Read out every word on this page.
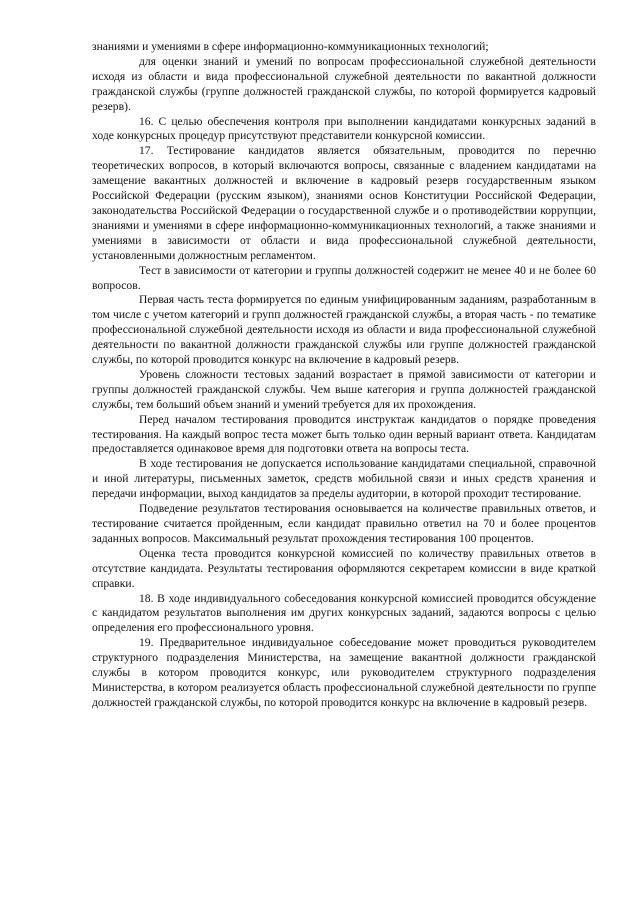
знаниями и умениями в сфере информационно-коммуникационных технологий;

для оценки знаний и умений по вопросам профессиональной служебной деятельности исходя из области и вида профессиональной служебной деятельности по вакантной должности гражданской службы (группе должностей гражданской службы, по которой формируется кадровый резерв).

16. С целью обеспечения контроля при выполнении кандидатами конкурсных заданий в ходе конкурсных процедур присутствуют представители конкурсной комиссии.

17. Тестирование кандидатов является обязательным, проводится по перечню теоретических вопросов, в который включаются вопросы, связанные с владением кандидатами на замещение вакантных должностей и включение в кадровый резерв государственным языком Российской Федерации (русским языком), знаниями основ Конституции Российской Федерации, законодательства Российской Федерации о государственной службе и о противодействии коррупции, знаниями и умениями в сфере информационно-коммуникационных технологий, а также знаниями и умениями в зависимости от области и вида профессиональной служебной деятельности, установленными должностным регламентом.

Тест в зависимости от категории и группы должностей содержит не менее 40 и не более 60 вопросов.

Первая часть теста формируется по единым унифицированным заданиям, разработанным в том числе с учетом категорий и групп должностей гражданской службы, а вторая часть - по тематике профессиональной служебной деятельности исходя из области и вида профессиональной служебной деятельности по вакантной должности гражданской службы или группе должностей гражданской службы, по которой проводится конкурс на включение в кадровый резерв.

Уровень сложности тестовых заданий возрастает в прямой зависимости от категории и группы должностей гражданской службы. Чем выше категория и группа должностей гражданской службы, тем больший объем знаний и умений требуется для их прохождения.

Перед началом тестирования проводится инструктаж кандидатов о порядке проведения тестирования. На каждый вопрос теста может быть только один верный вариант ответа. Кандидатам предоставляется одинаковое время для подготовки ответа на вопросы теста.

В ходе тестирования не допускается использование кандидатами специальной, справочной и иной литературы, письменных заметок, средств мобильной связи и иных средств хранения и передачи информации, выход кандидатов за пределы аудитории, в которой проходит тестирование.

Подведение результатов тестирования основывается на количестве правильных ответов, и тестирование считается пройденным, если кандидат правильно ответил на 70 и более процентов заданных вопросов. Максимальный результат прохождения тестирования 100 процентов.

Оценка теста проводится конкурсной комиссией по количеству правильных ответов в отсутствие кандидата. Результаты тестирования оформляются секретарем комиссии в виде краткой справки.

18. В ходе индивидуального собеседования конкурсной комиссией проводится обсуждение с кандидатом результатов выполнения им других конкурсных заданий, задаются вопросы с целью определения его профессионального уровня.

19. Предварительное индивидуальное собеседование может проводиться руководителем структурного подразделения Министерства, на замещение вакантной должности гражданской службы в котором проводится конкурс, или руководителем структурного подразделения Министерства, в котором реализуется область профессиональной служебной деятельности по группе должностей гражданской службы, по которой проводится конкурс на включение в кадровый резерв.
